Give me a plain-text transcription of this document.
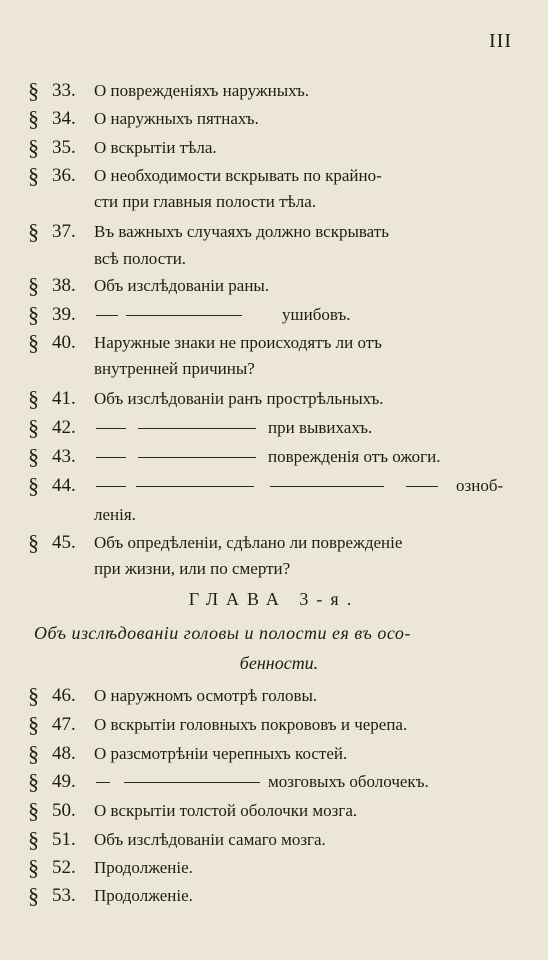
III
§ 33. О поврежденіяхъ наружныхъ.
§ 34. О наружныхъ пятнахъ.
§ 35. О вскрытіи тѣла.
§ 36. О необходимости вскрывать по крайно-
сти при главныя полости тѣла.
§ 37. Въ важныхъ случаяхъ должно вскрывать
всѣ полости.
§ 38. Объ изслѣдованіи раны.
§ 39.	ушибовъ.
§ 40. Наружные знаки не происходятъ ли отъ
внутренней причины?
§ 41. Объ изслѣдованіи ранъ прострѣльныхъ.
§ 42.	при вывихахъ.
§ 43.	поврежденія отъ ожоги.
§ 44.	озноб-
ленія.
§ 45. Объ опредѣленіи, сдѣлано ли поврежденіе
при жизни, или по смерти?
ГЛАВА 3-я.
Объ изслѣдованіи головы и полости ея въ осо-
бенности.
§ 46. О наружномъ осмотрѣ головы.
§ 47. О вскрытіи головныхъ покрововъ и черепа.
§ 48. О разсмотрѣніи черепныхъ костей.
§ 49.	мозговыхъ оболочекъ.
§ 50. О вскрытіи толстой оболочки мозга.
§ 51. Объ изслѣдованіи самаго мозга.
§ 52. Продолженіе.
§ 53. Продолженіе.
